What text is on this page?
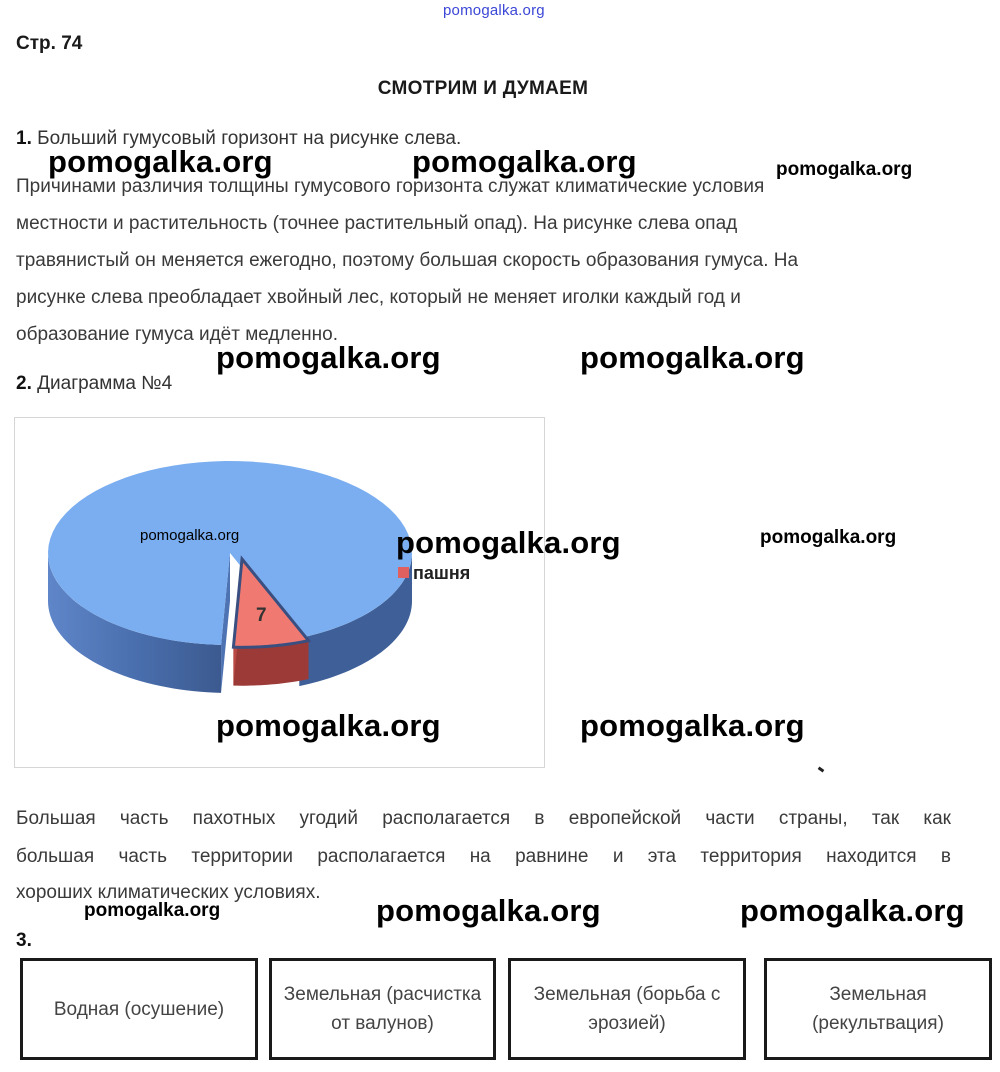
pomogalka.org
Стр. 74
СМОТРИМ И ДУМАЕМ
1. Больший гумусовый горизонт на рисунке слева.
Причинами различия толщины гумусового горизонта служат климатические условия
местности и растительность (точнее растительный опад). На рисунке слева опад
травянистый он меняется ежегодно, поэтому большая скорость образования гумуса. На
рисунке слева преобладает хвойный лес, который не меняет иголки каждый год и
образование гумуса идёт медленно.
2. Диаграмма №4
7
пашня
Большая часть пахотных угодий располагается в европейской части страны, так как
большая часть территории располагается на равнине и эта территория находится в
хороших климатических условиях.
3.
Водная (осушение)
Земельная (расчистка от валунов)
Земельная (борьба с эрозией)
Земельная (рекультвация)
pomogalka.org	pomogalka.org	pomogalka.org
pomogalka.org	pomogalka.org
pomogalka.org	pomogalka.org	pomogalka.org
pomogalka.org	pomogalka.org
pomogalka.org	pomogalka.org	pomogalka.org
